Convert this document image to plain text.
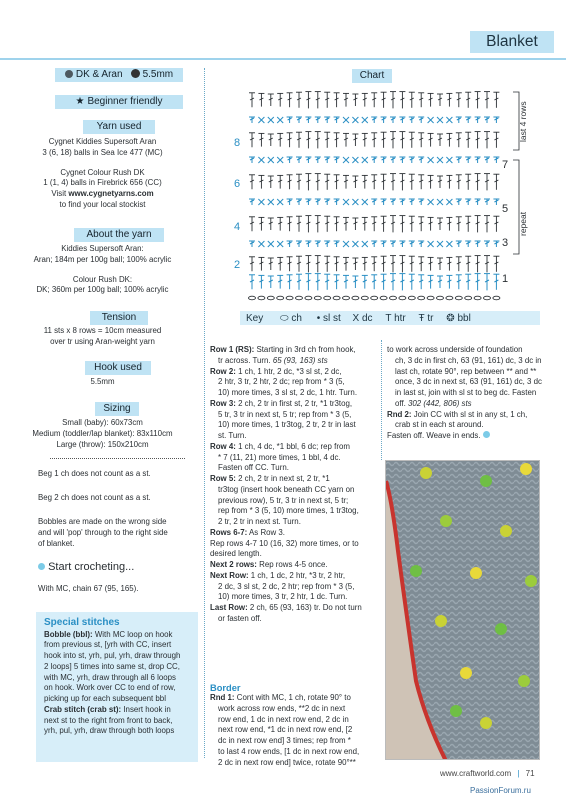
Blanket
DK & Aran 5.5mm
★ Beginner friendly
Yarn used
Cygnet Kiddies Supersoft Aran
3 (6, 18) balls in Sea Ice 477 (MC)
Cygnet Colour Rush DK
1 (1, 4) balls in Firebrick 656 (CC)
Visit www.cygnetyarns.com
to find your local stockist
About the yarn
Kiddies Supersoft Aran:
Aran; 184m per 100g ball; 100% acrylic
Colour Rush DK:
DK; 360m per 100g ball; 100% acrylic
Tension
11 sts x 8 rows = 10cm measured
over tr using Aran-weight yarn
Hook used
5.5mm
Sizing
Small (baby): 60x73cm
Medium (toddler/lap blanket): 83x110cm
Large (throw): 150x210cm
Beg 1 ch does not count as a st.
Beg 2 ch does not count as a st.
Bobbles are made on the wrong side
and will 'pop' through to the right side
of blanket.
Start crocheting...
With MC, chain 67 (95, 165).
Special stitches
Bobble (bbl): With MC loop on hook
from previous st, [yrh with CC, insert
hook into st, yrh, pul, yrh, draw through
2 loops] 5 times into same st, drop CC,
with MC, yrh, draw through all 6 loops
on hook. Work over CC to end of row,
picking up for each subsequent bbl
Crab stitch (crab st): Insert hook in
next st to the right from front to back,
yrh, pul, yrh, draw through both loops
Chart
last 4 rows
repeat
6
4
2
8
7
5
3
1
Key ⬭ ch • sl st X dc T htr Ŧ tr ❂ bbl
Row 1 (RS): Starting in 3rd ch from hook,
tr across. Turn. 65 (93, 163) sts
Row 2: 1 ch, 1 htr, 2 dc, *3 sl st, 2 dc,
2 htr, 3 tr, 2 htr, 2 dc; rep from * 3 (5,
10) more times, 3 sl st, 2 dc, 1 htr. Turn.
Row 3: 2 ch, 2 tr in first st, 2 tr, *1 tr3tog,
5 tr, 3 tr in next st, 5 tr; rep from * 3 (5,
10) more times, 1 tr3tog, 2 tr, 2 tr in last
st. Turn.
Row 4: 1 ch, 4 dc, *1 bbl, 6 dc; rep from
* 7 (11, 21) more times, 1 bbl, 4 dc.
Fasten off CC. Turn.
Row 5: 2 ch, 2 tr in next st, 2 tr, *1
tr3tog (insert hook beneath CC yarn on
previous row), 5 tr, 3 tr in next st, 5 tr;
rep from * 3 (5, 10) more times, 1 tr3tog,
2 tr, 2 tr in next st. Turn.
Rows 6-7: As Row 3.
Rep rows 4-7 10 (16, 32) more times, or to
desired length.
Next 2 rows: Rep rows 4-5 once.
Next Row: 1 ch, 1 dc, 2 htr, *3 tr, 2 htr,
2 dc, 3 sl st, 2 dc, 2 htr; rep from * 3 (5,
10) more times, 3 tr, 2 htr, 1 dc. Turn.
Last Row: 2 ch, 65 (93, 163) tr. Do not turn
or fasten off.
Border
Rnd 1: Cont with MC, 1 ch, rotate 90° to
work across row ends, **2 dc in next
row end, 1 dc in next row end, 2 dc in
next row end, *1 dc in next row end, [2
dc in next row end] 3 times; rep from *
to last 4 row ends, [1 dc in next row end,
2 dc in next row end] twice, rotate 90°**
to work across underside of foundation
ch, 3 dc in first ch, 63 (91, 161) dc, 3 dc in
last ch, rotate 90°, rep between ** and **
once, 3 dc in next st, 63 (91, 161) dc, 3 dc
in last st, join with sl st to beg dc. Fasten
off. 302 (442, 806) sts
Rnd 2: Join CC with sl st in any st, 1 ch,
crab st in each st around.
Fasten off. Weave in ends.
www.craftworld.com | 71
PassionForum.ru
